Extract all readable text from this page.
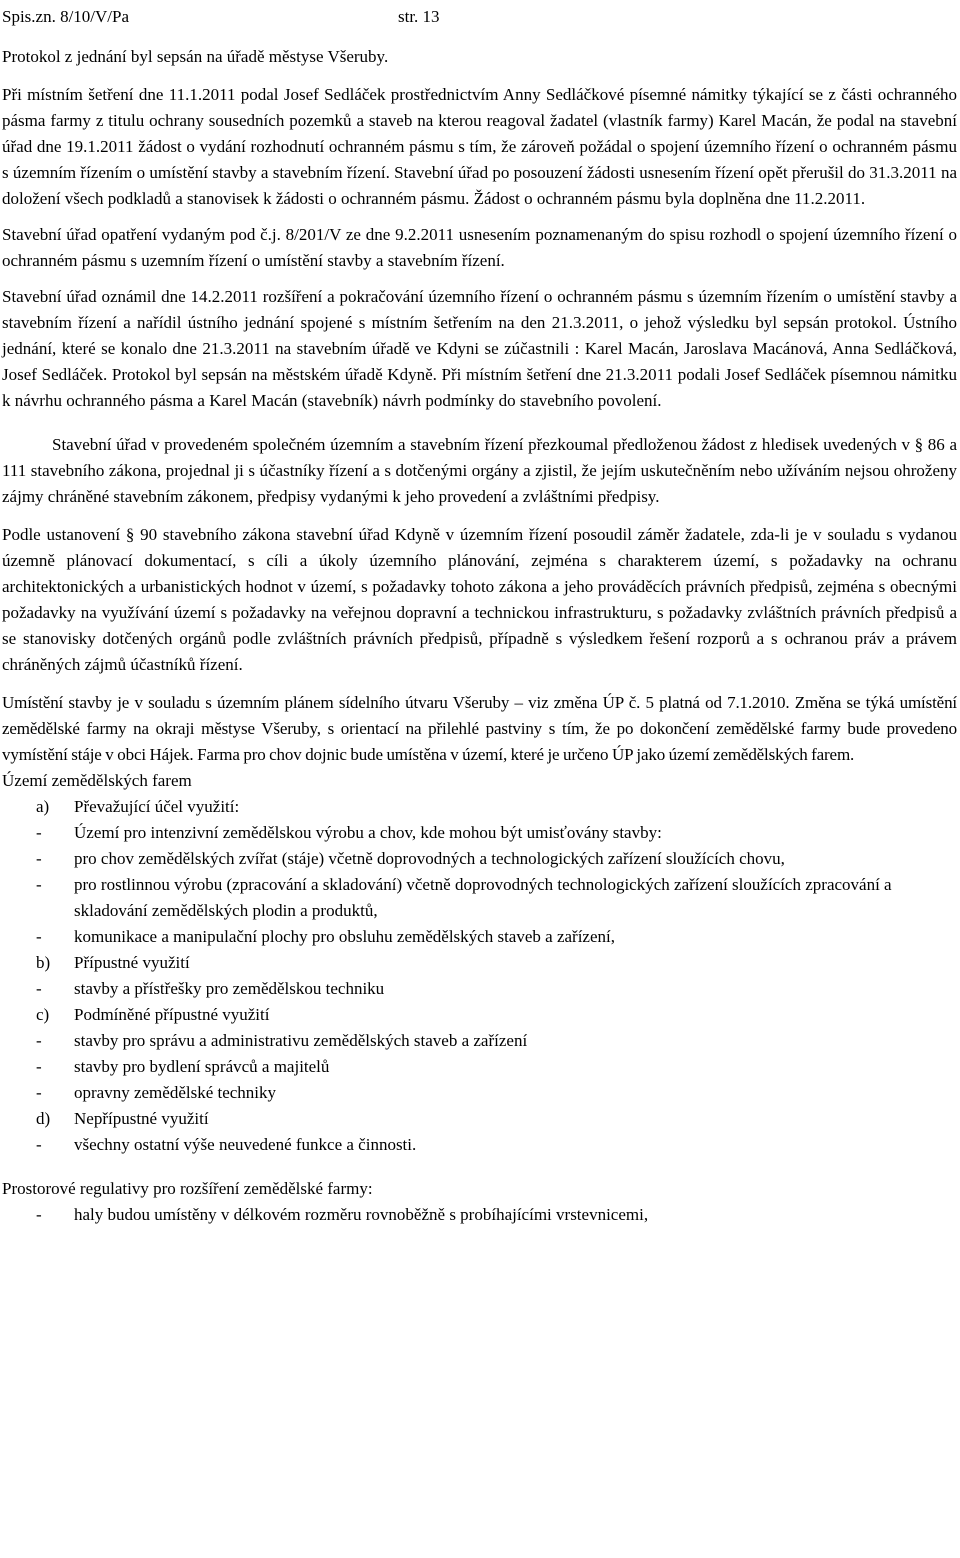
Spis.zn. 8/10/V/Pa	str. 13

Protokol z jednání byl sepsán na úřadě městyse Všeruby.

Při místním šetření dne 11.1.2011 podal Josef Sedláček prostřednictvím Anny Sedláčkové písemné námitky týkající se z části ochranného pásma farmy z titulu ochrany sousedních pozemků a staveb na kterou reagoval žadatel (vlastník farmy) Karel Macán, že podal na stavební úřad dne 19.1.2011 žádost o vydání rozhodnutí ochranném pásmu s tím, že zároveň požádal o spojení územního řízení o ochranném pásmu s územním řízením o umístění stavby a stavebním řízení. Stavební úřad po posouzení žádosti usnesením řízení opět přerušil do 31.3.2011 na doložení všech podkladů a stanovisek k žádosti o ochranném pásmu. Žádost o ochranném pásmu byla doplněna dne 11.2.2011.

Stavební úřad opatření vydaným pod č.j. 8/201/V ze dne 9.2.2011 usnesením poznamenaným do spisu rozhodl o spojení územního řízení o ochranném pásmu s uzemním řízení o umístění stavby a stavebním řízení.

Stavební úřad oznámil dne 14.2.2011 rozšíření a pokračování územního řízení o ochranném pásmu s územním řízením o umístění stavby a stavebním řízení a nařídil ústního jednání spojené s místním šetřením na den 21.3.2011, o jehož výsledku byl sepsán protokol. Ústního jednání, které se konalo dne 21.3.2011 na stavebním úřadě ve Kdyni se zúčastnili : Karel Macán, Jaroslava Macánová, Anna Sedláčková, Josef Sedláček. Protokol byl sepsán na městském úřadě Kdyně. Při místním šetření dne 21.3.2011 podali Josef Sedláček písemnou námitku k návrhu ochranného pásma a Karel Macán (stavebník) návrh podmínky do stavebního povolení.

Stavební úřad v provedeném společném územním a stavebním řízení přezkoumal předloženou žádost z hledisek uvedených v § 86 a 111 stavebního zákona, projednal ji s účastníky řízení a s dotčenými orgány a zjistil, že jejím uskutečněním nebo užíváním nejsou ohroženy zájmy chráněné stavebním zákonem, předpisy vydanými k jeho provedení a zvláštními předpisy.

Podle ustanovení § 90 stavebního zákona stavební úřad Kdyně v územním řízení posoudil záměr žadatele, zda-li je v souladu s vydanou územně plánovací dokumentací, s cíli a úkoly územního plánování, zejména s charakterem území, s požadavky na ochranu architektonických a urbanistických hodnot v území, s požadavky tohoto zákona a jeho prováděcích právních předpisů, zejména s obecnými požadavky na využívání území s požadavky na veřejnou dopravní a technickou infrastrukturu, s požadavky zvláštních právních předpisů a se stanovisky dotčených orgánů podle zvláštních právních předpisů, případně s výsledkem řešení rozporů a s ochranou práv a právem chráněných zájmů účastníků řízení.

Umístění stavby je v souladu s územním plánem sídelního útvaru Všeruby – viz změna ÚP č. 5 platná od 7.1.2010. Změna se týká umístění zemědělské farmy na okraji městyse Všeruby, s orientací na přilehlé pastviny s tím, že po dokončení zemědělské farmy bude provedeno vymístění stáje v obci Hájek. Farma pro chov dojnic bude umístěna v území, které je určeno ÚP jako území zemědělských farem.

Území zemědělských farem

a) Převažující účel využití:
- Území pro intenzivní zemědělskou výrobu a chov, kde mohou být umisťovány stavby:
- pro chov zemědělských zvířat (stáje) včetně doprovodných a technologických zařízení sloužících chovu,
- pro rostlinnou výrobu (zpracování a skladování) včetně doprovodných technologických zařízení sloužících zpracování a skladování zemědělských plodin a produktů,
- komunikace a manipulační plochy pro obsluhu zemědělských staveb a zařízení,
b) Přípustné využití
- stavby a přístřešky pro zemědělskou techniku
c) Podmíněné přípustné využití
- stavby pro správu a administrativu zemědělských staveb a zařízení
- stavby pro bydlení správců a majitelů
- opravny zemědělské techniky
d) Nepřípustné využití
- všechny ostatní výše neuvedené funkce a činnosti.

Prostorové regulativy pro rozšíření zemědělské farmy:

- haly budou umístěny v délkovém rozměru rovnoběžně s probíhajícími vrstevnicemi,
